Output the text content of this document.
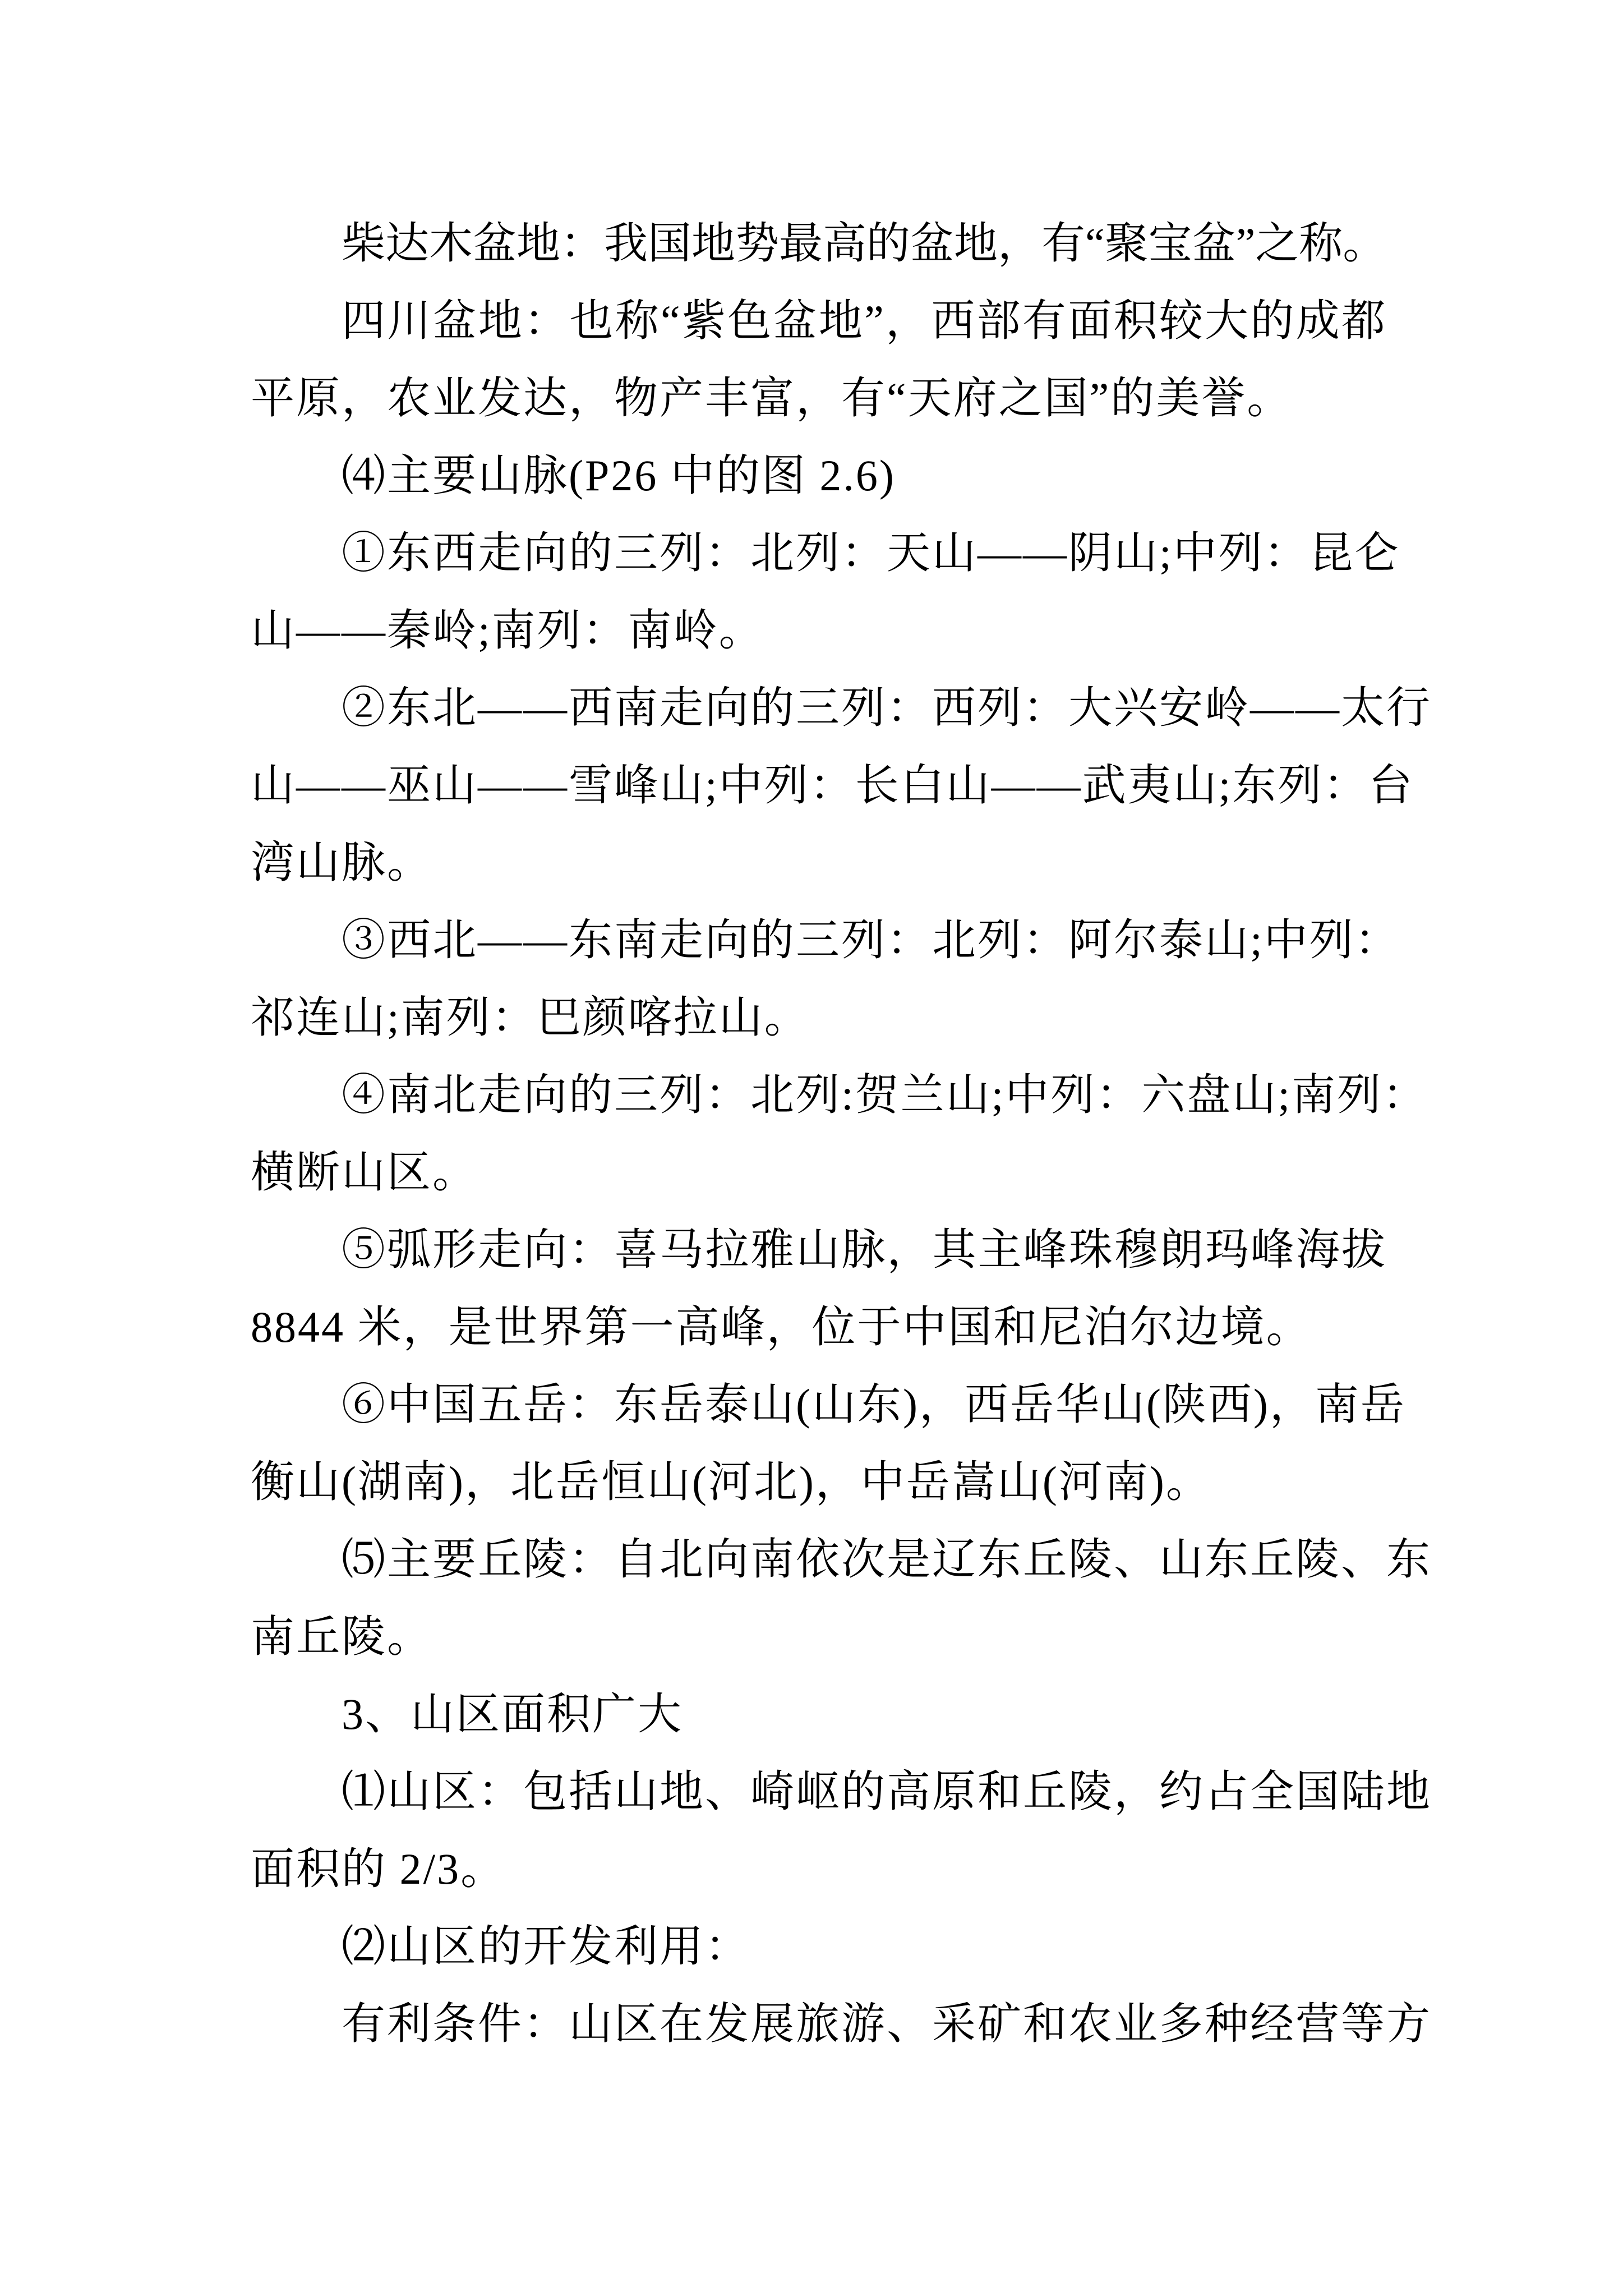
柴达木盆地：我国地势最高的盆地，有“聚宝盆”之称。
四川盆地：也称“紫色盆地”，西部有面积较大的成都
平原，农业发达，物产丰富，有“天府之国”的美誉。
⑷主要山脉(P26 中的图 2.6)
①东西走向的三列：北列：天山——阴山;中列：昆仑
山——秦岭;南列：南岭。
②东北——西南走向的三列：西列：大兴安岭——太行
山——巫山——雪峰山;中列：长白山——武夷山;东列：台
湾山脉。
③西北——东南走向的三列：北列：阿尔泰山;中列：
祁连山;南列：巴颜喀拉山。
④南北走向的三列：北列:贺兰山;中列：六盘山;南列：
横断山区。
⑤弧形走向：喜马拉雅山脉，其主峰珠穆朗玛峰海拔
8844 米，是世界第一高峰，位于中国和尼泊尔边境。
⑥中国五岳：东岳泰山(山东)，西岳华山(陕西)，南岳
衡山(湖南)，北岳恒山(河北)，中岳嵩山(河南)。
⑸主要丘陵：自北向南依次是辽东丘陵、山东丘陵、东
南丘陵。
3、山区面积广大
⑴山区：包括山地、崎岖的高原和丘陵，约占全国陆地
面积的 2/3。
⑵山区的开发利用：
有利条件：山区在发展旅游、采矿和农业多种经营等方
